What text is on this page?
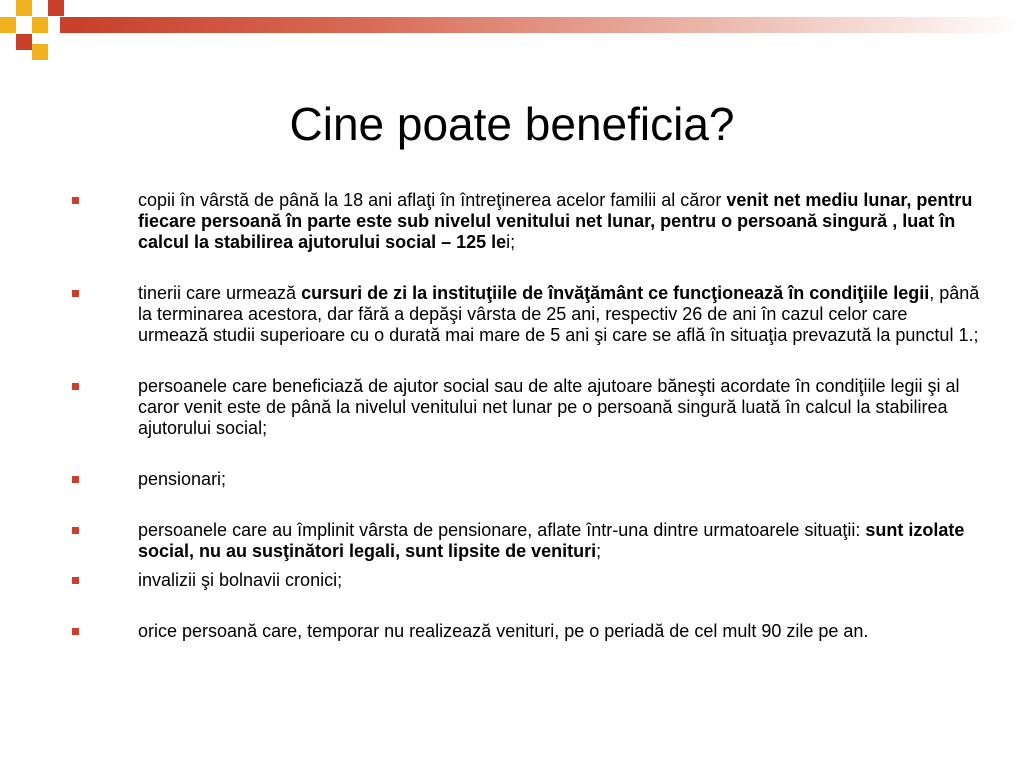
Cine poate beneficia?
copii în vârstă de până la 18 ani aflaţi în întreţinerea acelor familii al căror venit net mediu lunar, pentru fiecare persoană în parte este sub nivelul venitului net lunar, pentru o persoană singură , luat în calcul la stabilirea ajutorului social – 125 lei;
tinerii care urmează cursuri de zi la instituţiile de învăţământ ce funcţionează în condiţiile legii, până la terminarea acestora, dar fără a depăşi vârsta de 25 ani, respectiv 26 de ani în cazul celor care urmează studii superioare cu o durată mai mare de 5 ani şi care se află în situaţia prevazută la punctul 1.;
persoanele care beneficiază de ajutor social sau de alte ajutoare băneşti acordate în condiţiile legii şi al caror venit este de până la nivelul venitului net lunar pe o persoană singură luată în calcul la stabilirea ajutorului social;
pensionari;
persoanele care au împlinit vârsta de pensionare, aflate într-una dintre urmatoarele situaţii: sunt izolate social, nu au susţinători legali, sunt lipsite de venituri;
invalizii şi bolnavii cronici;
orice persoană care, temporar nu realizează venituri, pe o periadă de cel mult 90 zile pe an.
